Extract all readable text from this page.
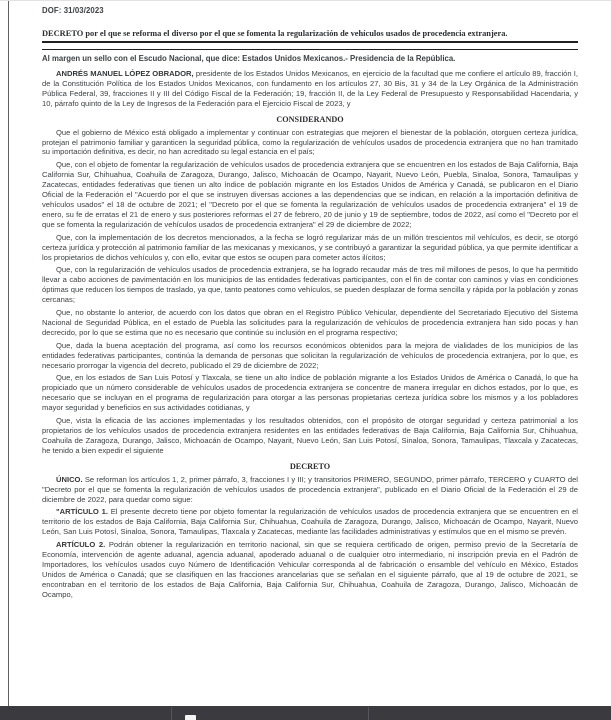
DOF: 31/03/2023
DECRETO por el que se reforma el diverso por el que se fomenta la regularización de vehículos usados de procedencia extranjera.
Al margen un sello con el Escudo Nacional, que dice: Estados Unidos Mexicanos.- Presidencia de la República.

ANDRÉS MANUEL LÓPEZ OBRADOR, presidente de los Estados Unidos Mexicanos, en ejercicio de la facultad que me confiere el artículo 89, fracción I, de la Constitución Política de los Estados Unidos Mexicanos, con fundamento en los artículos 27, 30 Bis, 31 y 34 de la Ley Orgánica de la Administración Pública Federal, 39, fracciones II y III del Código Fiscal de la Federación; 19, fracción II, de la Ley Federal de Presupuesto y Responsabilidad Hacendaria, y 10, párrafo quinto de la Ley de Ingresos de la Federación para el Ejercicio Fiscal de 2023, y

CONSIDERANDO

Que el gobierno de México está obligado a implementar y continuar con estrategias que mejoren el bienestar de la población, otorguen certeza jurídica, protejan el patrimonio familiar y garanticen la seguridad pública, como la regularización de vehículos usados de procedencia extranjera que no han tramitado su importación definitiva, es decir, no han acreditado su legal estancia en el país;

Que, con el objeto de fomentar la regularización de vehículos usados de procedencia extranjera que se encuentren en los estados de Baja California, Baja California Sur, Chihuahua, Coahuila de Zaragoza, Durango, Jalisco, Michoacán de Ocampo, Nayarit, Nuevo León, Puebla, Sinaloa, Sonora, Tamaulipas y Zacatecas, entidades federativas que tienen un alto índice de población migrante en los Estados Unidos de América y Canadá, se publicaron en el Diario Oficial de la Federación el "Acuerdo por el que se instruyen diversas acciones a las dependencias que se indican, en relación a la importación definitiva de vehículos usados" el 18 de octubre de 2021; el "Decreto por el que se fomenta la regularización de vehículos usados de procedencia extranjera" el 19 de enero, su fe de erratas el 21 de enero y sus posteriores reformas el 27 de febrero, 20 de junio y 19 de septiembre, todos de 2022, así como el "Decreto por el que se fomenta la regularización de vehículos usados de procedencia extranjera" el 29 de diciembre de 2022;

Que, con la implementación de los decretos mencionados, a la fecha se logró regularizar más de un millón trescientos mil vehículos, es decir, se otorgó certeza jurídica y protección al patrimonio familiar de las mexicanas y mexicanos, y se contribuyó a garantizar la seguridad pública, ya que permite identificar a los propietarios de dichos vehículos y, con ello, evitar que estos se ocupen para cometer actos ilícitos;

Que, con la regularización de vehículos usados de procedencia extranjera, se ha logrado recaudar más de tres mil millones de pesos, lo que ha permitido llevar a cabo acciones de pavimentación en los municipios de las entidades federativas participantes, con el fin de contar con caminos y vías en condiciones óptimas que reducen los tiempos de traslado, ya que, tanto peatones como vehículos, se pueden desplazar de forma sencilla y rápida por la población y zonas cercanas;

Que, no obstante lo anterior, de acuerdo con los datos que obran en el Registro Público Vehicular, dependiente del Secretariado Ejecutivo del Sistema Nacional de Seguridad Pública, en el estado de Puebla las solicitudes para la regularización de vehículos de procedencia extranjera han sido pocas y han decrecido, por lo que se estima que no es necesario que continúe su inclusión en el programa respectivo;

Que, dada la buena aceptación del programa, así como los recursos económicos obtenidos para la mejora de vialidades de los municipios de las entidades federativas participantes, continúa la demanda de personas que solicitan la regularización de vehículos de procedencia extranjera, por lo que, es necesario prorrogar la vigencia del decreto, publicado el 29 de diciembre de 2022;

Que, en los estados de San Luis Potosí y Tlaxcala, se tiene un alto índice de población migrante a los Estados Unidos de América o Canadá, lo que ha propiciado que un número considerable de vehículos usados de procedencia extranjera se concentre de manera irregular en dichos estados, por lo que, es necesario que se incluyan en el programa de regularización para otorgar a las personas propietarias certeza jurídica sobre los mismos y a los pobladores mayor seguridad y beneficios en sus actividades cotidianas, y

Que, vista la eficacia de las acciones implementadas y los resultados obtenidos, con el propósito de otorgar seguridad y certeza patrimonial a los propietarios de los vehículos usados de procedencia extranjera residentes en las entidades federativas de Baja California, Baja California Sur, Chihuahua, Coahuila de Zaragoza, Durango, Jalisco, Michoacán de Ocampo, Nayarit, Nuevo León, San Luis Potosí, Sinaloa, Sonora, Tamaulipas, Tlaxcala y Zacatecas, he tenido a bien expedir el siguiente

DECRETO

ÚNICO. Se reforman los artículos 1, 2, primer párrafo, 3, fracciones I y III; y transitorios PRIMERO, SEGUNDO, primer párrafo, TERCERO y CUARTO del "Decreto por el que se fomenta la regularización de vehículos usados de procedencia extranjera", publicado en el Diario Oficial de la Federación el 29 de diciembre de 2022, para quedar como sigue:

"ARTÍCULO 1. El presente decreto tiene por objeto fomentar la regularización de vehículos usados de procedencia extranjera que se encuentren en el territorio de los estados de Baja California, Baja California Sur, Chihuahua, Coahuila de Zaragoza, Durango, Jalisco, Michoacán de Ocampo, Nayarit, Nuevo León, San Luis Potosí, Sinaloa, Sonora, Tamaulipas, Tlaxcala y Zacatecas, mediante las facilidades administrativas y estímulos que en el mismo se prevén.

ARTÍCULO 2. Podrán obtener la regularización en territorio nacional, sin que se requiera certificado de origen, permiso previo de la Secretaría de Economía, intervención de agente aduanal, agencia aduanal, apoderado aduanal o de cualquier otro intermediario, ni inscripción previa en el Padrón de Importadores, los vehículos usados cuyo Número de Identificación Vehicular corresponda al de fabricación o ensamble del vehículo en México, Estados Unidos de América o Canadá; que se clasifiquen en las fracciones arancelarias que se señalan en el siguiente párrafo, que al 19 de octubre de 2021, se encontraban en el territorio de los estados de Baja California, Baja California Sur, Chihuahua, Coahuila de Zaragoza, Durango, Jalisco, Michoacán de Ocampo,
